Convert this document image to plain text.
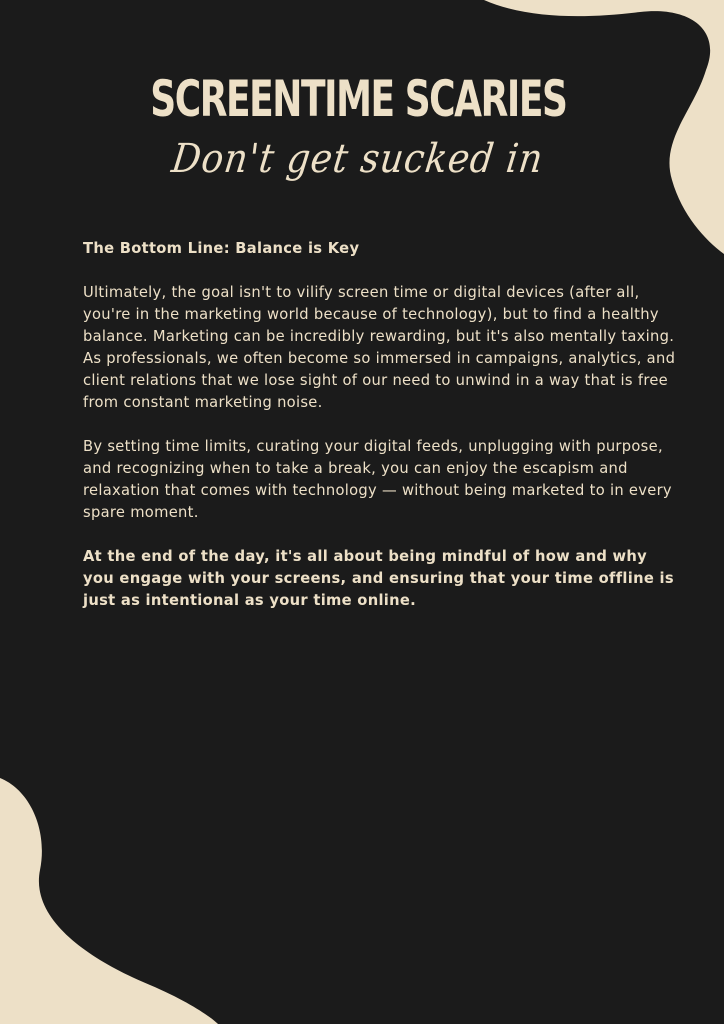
SCREENTIME SCARIES
Don't get sucked in

The Bottom Line: Balance is Key

Ultimately, the goal isn't to vilify screen time or digital devices (after all, you're in the marketing world because of technology), but to find a healthy balance. Marketing can be incredibly rewarding, but it's also mentally taxing. As professionals, we often become so immersed in campaigns, analytics, and client relations that we lose sight of our need to unwind in a way that is free from constant marketing noise.

By setting time limits, curating your digital feeds, unplugging with purpose, and recognizing when to take a break, you can enjoy the escapism and relaxation that comes with technology — without being marketed to in every spare moment.

At the end of the day, it's all about being mindful of how and why you engage with your screens, and ensuring that your time offline is just as intentional as your time online.
